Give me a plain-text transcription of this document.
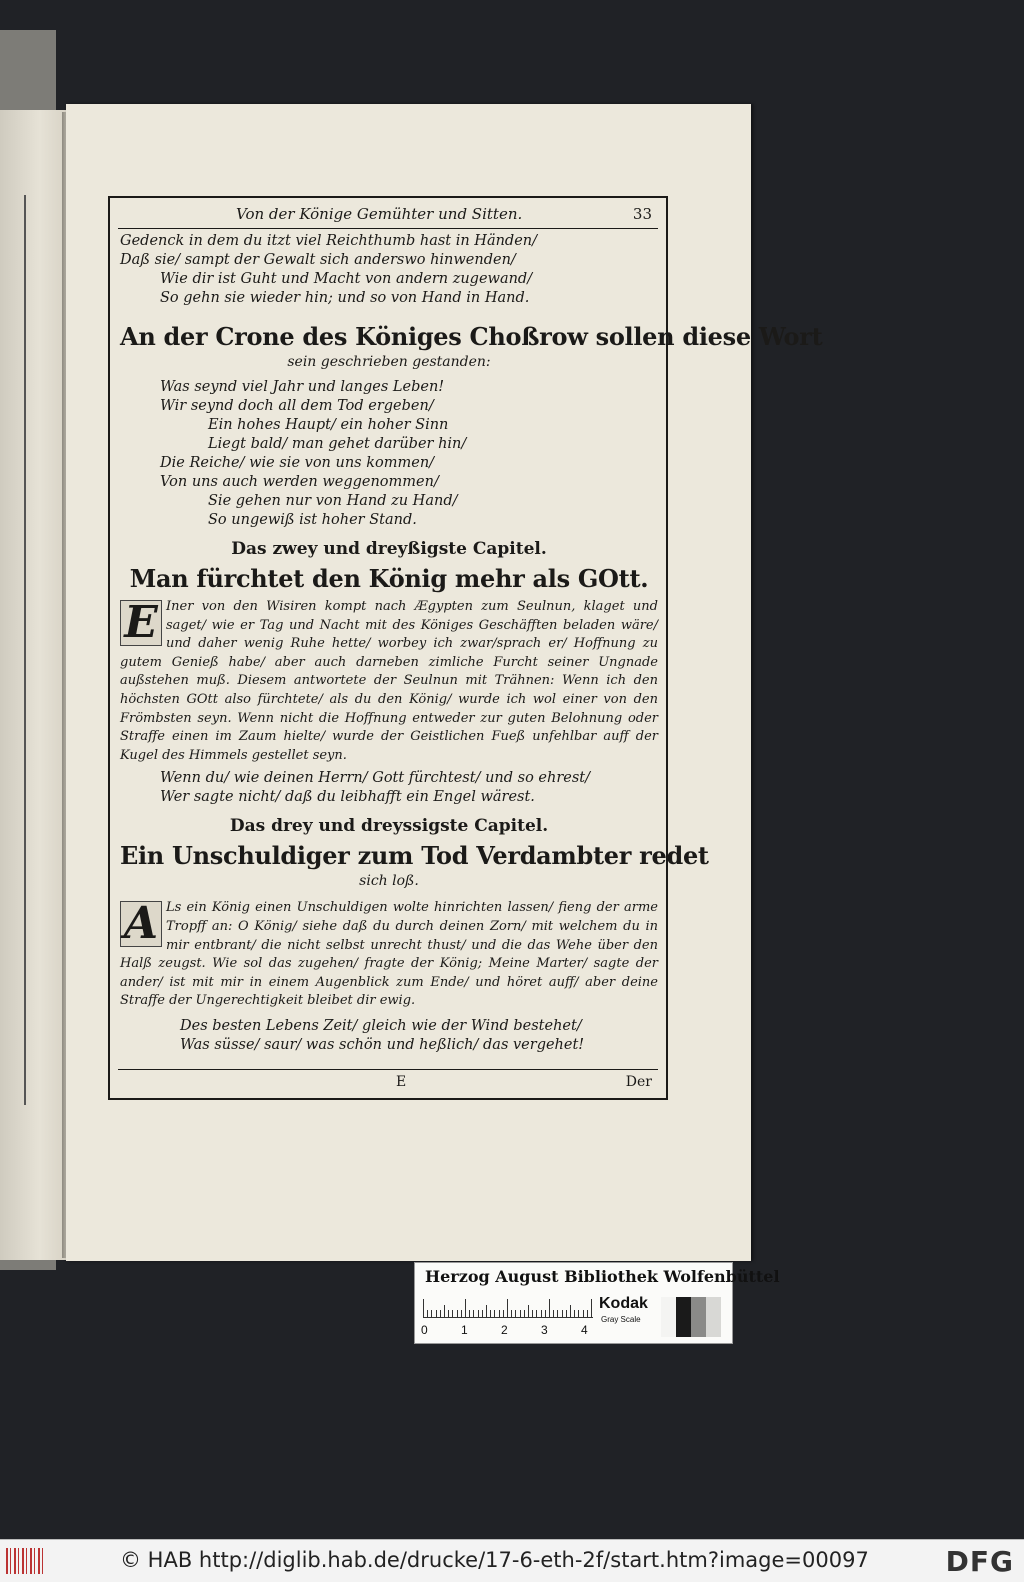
Von der Könige Gemühter und Sitten.	33
Gedenck in dem du itzt viel Reichthumb hast in Händen/
Daß sie/ sampt der Gewalt sich anderswo hinwenden/
Wie dir ist Guht und Macht von andern zugewand/
So gehn sie wieder hin; und so von Hand in Hand.
An der Crone des Königes Choßrow sollen diese Wort
sein geschrieben gestanden:
Was seynd viel Jahr und langes Leben!
Wir seynd doch all dem Tod ergeben/
Ein hohes Haupt/ ein hoher Sinn
Liegt bald/ man gehet darüber hin/
Die Reiche/ wie sie von uns kommen/
Von uns auch werden weggenommen/
Sie gehen nur von Hand zu Hand/
So ungewiß ist hoher Stand.
Das zwey und dreyßigste Capitel.
Man fürchtet den König mehr als GOtt.
E Iner von den Wisiren kompt nach Ægypten zum Seulnun, klaget und saget/ wie er Tag und Nacht mit des Königes Geschäfften beladen wäre/ und daher wenig Ruhe hette/ worbey ich zwar/sprach er/ Hoffnung zu gutem Genieß habe/ aber auch darneben zimliche Furcht seiner Ungnade außstehen muß. Diesem antwortete der Seulnun mit Trähnen: Wenn ich den höchsten GOtt also fürchtete/ als du den König/ wurde ich wol einer von den Frömbsten seyn. Wenn nicht die Hoffnung entweder zur guten Belohnung oder Straffe einen im Zaum hielte/ wurde der Geistlichen Fueß unfehlbar auff der Kugel des Himmels gestellet seyn.
Wenn du/ wie deinen Herrn/ Gott fürchtest/ und so ehrest/
Wer sagte nicht/ daß du leibhafft ein Engel wärest.
Das drey und dreyssigste Capitel.
Ein Unschuldiger zum Tod Verdambter redet
sich loß.
A Ls ein König einen Unschuldigen wolte hinrichten lassen/ fieng der arme Tropff an: O König/ siehe daß du durch deinen Zorn/ mit welchem du in mir entbrant/ die nicht selbst unrecht thust/ und die das Wehe über den Halß zeugst. Wie sol das zugehen/ fragte der König; Meine Marter/ sagte der ander/ ist mit mir in einem Augenblick zum Ende/ und höret auff/ aber deine Straffe der Ungerechtigkeit bleibet dir ewig.
Des besten Lebens Zeit/ gleich wie der Wind bestehet/
Was süsse/ saur/ was schön und heßlich/ das vergehet!
E	Der
Herzog August Bibliothek Wolfenbüttel
0	1	2	3	4
Kodak
Gray Scale
© HAB http://diglib.hab.de/drucke/17-6-eth-2f/start.htm?image=00097	DFG
